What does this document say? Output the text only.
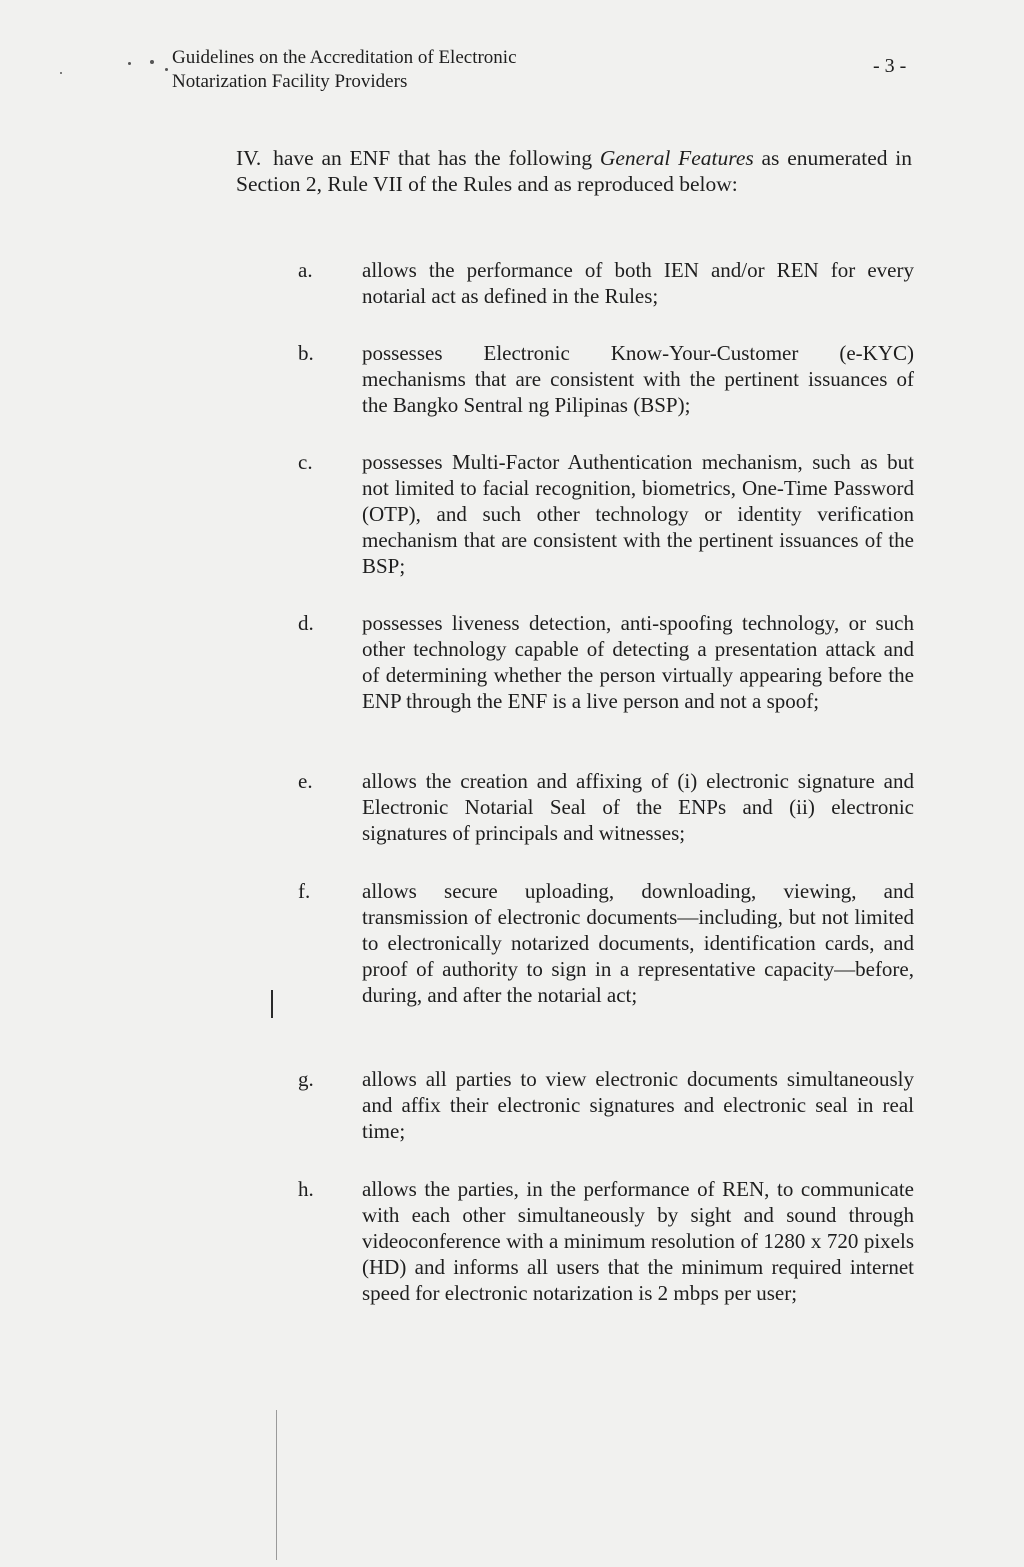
Guidelines on the Accreditation of Electronic
Notarization Facility Providers
- 3 -
IV. have an ENF that has the following General Features as enumerated in Section 2, Rule VII of the Rules and as reproduced below:
a.	allows the performance of both IEN and/or REN for every notarial act as defined in the Rules;
b.	possesses Electronic Know-Your-Customer (e-KYC) mechanisms that are consistent with the pertinent issuances of the Bangko Sentral ng Pilipinas (BSP);
c.	possesses Multi-Factor Authentication mechanism, such as but not limited to facial recognition, biometrics, One-Time Password (OTP), and such other technology or identity verification mechanism that are consistent with the pertinent issuances of the BSP;
d.	possesses liveness detection, anti-spoofing technology, or such other technology capable of detecting a presentation attack and of determining whether the person virtually appearing before the ENP through the ENF is a live person and not a spoof;
e.	allows the creation and affixing of (i) electronic signature and Electronic Notarial Seal of the ENPs and (ii) electronic signatures of principals and witnesses;
f.	allows secure uploading, downloading, viewing, and transmission of electronic documents—including, but not limited to electronically notarized documents, identification cards, and proof of authority to sign in a representative capacity—before, during, and after the notarial act;
g.	allows all parties to view electronic documents simultaneously and affix their electronic signatures and electronic seal in real time;
h.	allows the parties, in the performance of REN, to communicate with each other simultaneously by sight and sound through videoconference with a minimum resolution of 1280 x 720 pixels (HD) and informs all users that the minimum required internet speed for electronic notarization is 2 mbps per user;
